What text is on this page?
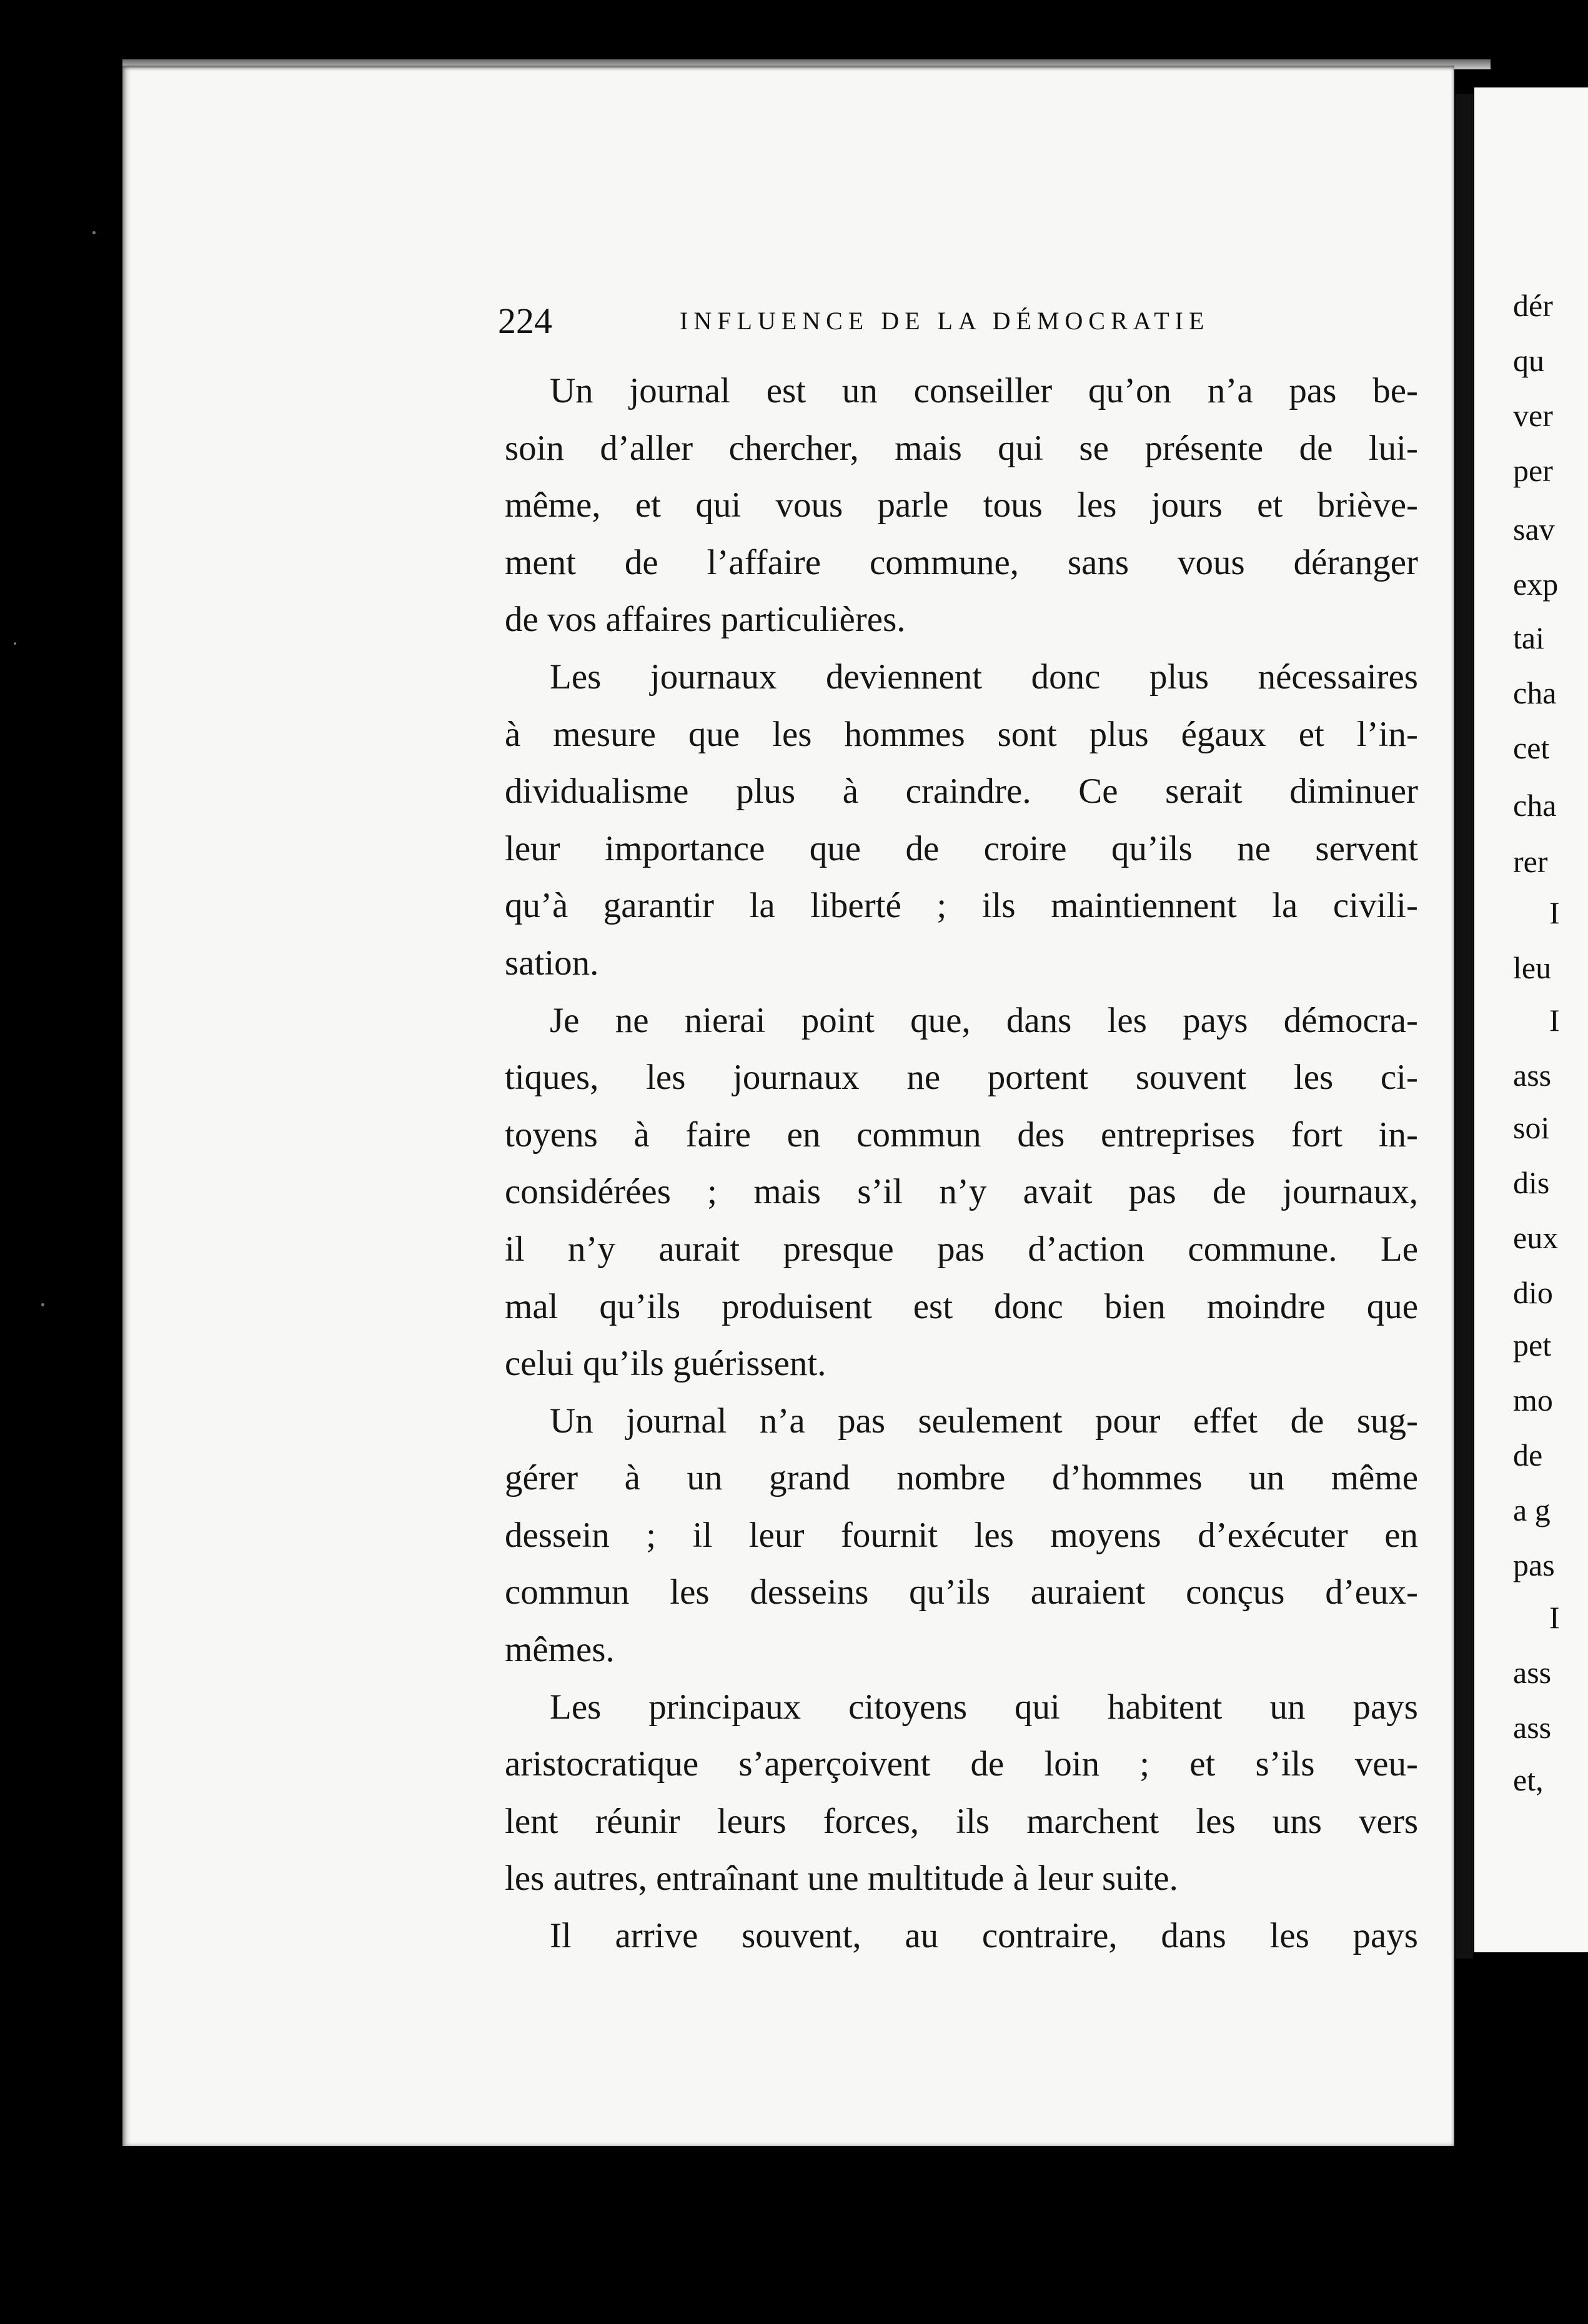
dér
qu
ver
per
sav
exp
tai
cha
cet
cha
rer
I
leu
I
ass
soi
dis
eux
dio
pet
mo
de
a g
pas
I
ass
ass
et,
224	INFLUENCE DE LA DÉMOCRATIE
Un journal est un conseiller qu’on n’a pas be-
soin d’aller chercher, mais qui se présente de lui-
même, et qui vous parle tous les jours et briève-
ment de l’affaire commune, sans vous déranger
de vos affaires particulières.
Les journaux deviennent donc plus nécessaires
à mesure que les hommes sont plus égaux et l’in-
dividualisme plus à craindre. Ce serait diminuer
leur importance que de croire qu’ils ne servent
qu’à garantir la liberté ; ils maintiennent la civili-
sation.
Je ne nierai point que, dans les pays démocra-
tiques, les journaux ne portent souvent les ci-
toyens à faire en commun des entreprises fort in-
considérées ; mais s’il n’y avait pas de journaux,
il n’y aurait presque pas d’action commune. Le
mal qu’ils produisent est donc bien moindre que
celui qu’ils guérissent.
Un journal n’a pas seulement pour effet de sug-
gérer à un grand nombre d’hommes un même
dessein ; il leur fournit les moyens d’exécuter en
commun les desseins qu’ils auraient conçus d’eux-
mêmes.
Les principaux citoyens qui habitent un pays
aristocratique s’aperçoivent de loin ; et s’ils veu-
lent réunir leurs forces, ils marchent les uns vers
les autres, entraînant une multitude à leur suite.
Il arrive souvent, au contraire, dans les pays
